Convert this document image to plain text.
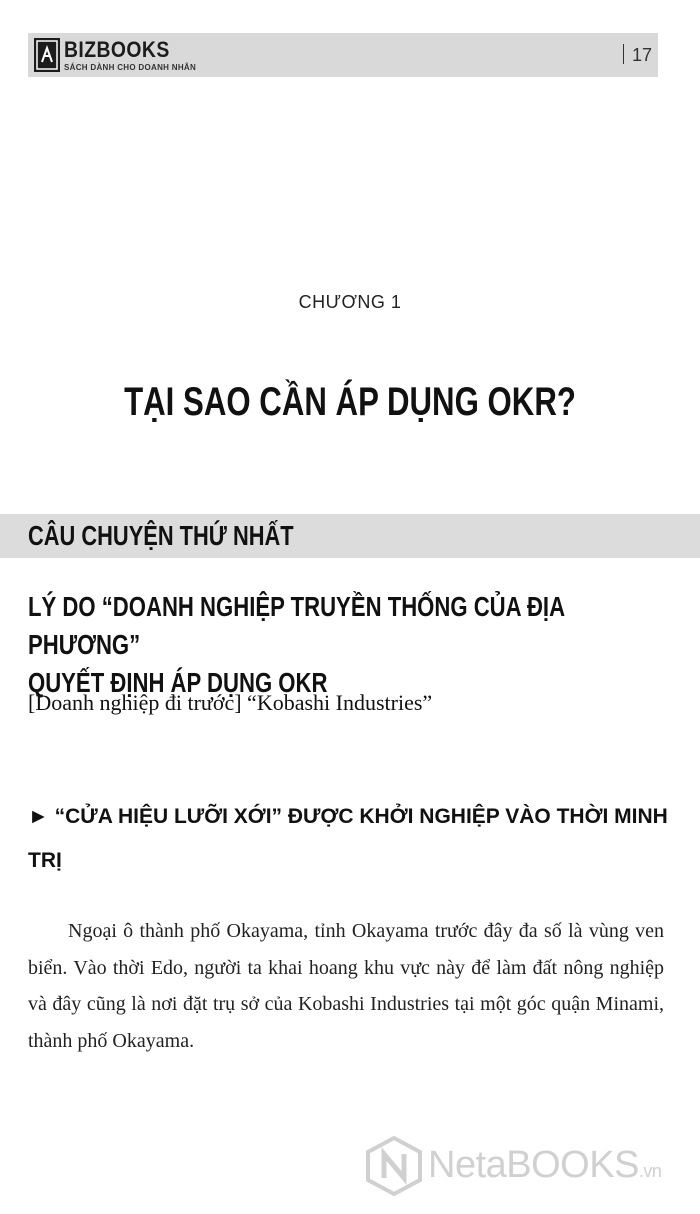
BIZBOOKS
SÁCH DÀNH CHO DOANH NHÂN
17
CHƯƠNG 1
TẠI SAO CẦN ÁP DỤNG OKR?
CÂU CHUYỆN THỨ NHẤT
LÝ DO “DOANH NGHIỆP TRUYỀN THỐNG CỦA ĐỊA PHƯƠNG”
QUYẾT ĐỊNH ÁP DỤNG OKR
[Doanh nghiệp đi trước] “Kobashi Industries”
► “CỬA HIỆU LƯỠI XỚI” ĐƯỢC KHỞI NGHIỆP VÀO THỜI MINH TRỊ

Ngoại ô thành phố Okayama, tỉnh Okayama trước đây đa số là vùng ven biển. Vào thời Edo, người ta khai hoang khu vực này để làm đất nông nghiệp và đây cũng là nơi đặt trụ sở của Kobashi Industries tại một góc quận Minami, thành phố Okayama.

NetaBOOKS.vn
